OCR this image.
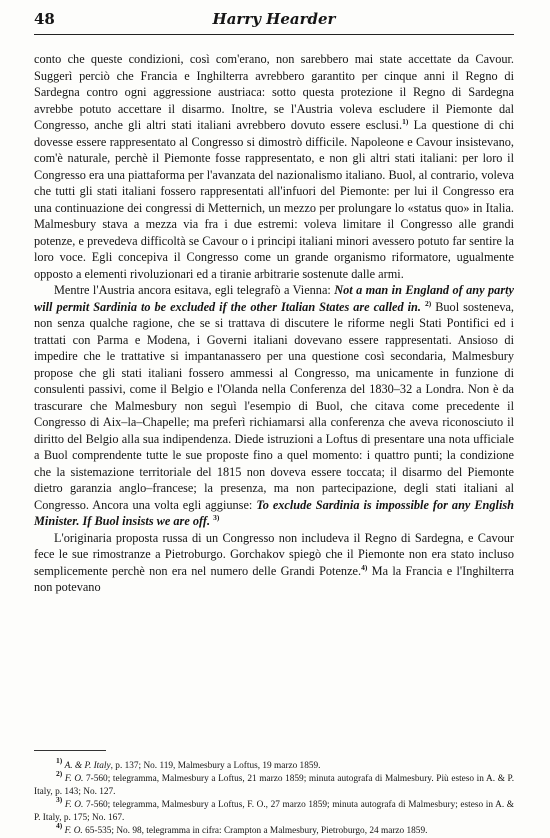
48	Harry Hearder

conto che queste condizioni, così com'erano, non sarebbero mai state accettate da Cavour. Suggerì perciò che Francia e Inghilterra avrebbero garantito per cinque anni il Regno di Sardegna contro ogni aggressione austriaca: sotto questa protezione il Regno di Sardegna avrebbe potuto accettare il disarmo. Inoltre, se l'Austria voleva escludere il Piemonte dal Congresso, anche gli altri stati italiani avrebbero dovuto essere esclusi.$^{1)}$ La questione di chi dovesse essere rappresentato al Congresso si dimostrò difficile. Napoleone e Cavour insistevano, com'è naturale, perchè il Piemonte fosse rappresentato, e non gli altri stati italiani: per loro il Congresso era una piattaforma per l'avanzata del nazionalismo italiano. Buol, al contrario, voleva che tutti gli stati italiani fossero rappresentati all'infuori del Piemonte: per lui il Congresso era una continuazione dei congressi di Metternich, un mezzo per prolungare lo «status quo» in Italia. Malmesbury stava a mezza via fra i due estremi: voleva limitare il Congresso alle grandi potenze, e prevedeva difficoltà se Cavour o i principi italiani minori avessero potuto far sentire la loro voce. Egli concepiva il Congresso come un grande organismo riformatore, ugualmente opposto a elementi rivoluzionari ed a tiranie arbitrarie sostenute dalle armi.

Mentre l'Austria ancora esitava, egli telegrafò a Vienna: Not a man in England of any party will permit Sardinia to be excluded if the other Italian States are called in. $^{2)}$ Buol sosteneva, non senza qualche ragione, che se si trattava di discutere le riforme negli Stati Pontifici ed i trattati con Parma e Modena, i Governi italiani dovevano essere rappresentati. Ansioso di impedire che le trattative si impantanassero per una questione così secondaria, Malmesbury propose che gli stati italiani fossero ammessi al Congresso, ma unicamente in funzione di consulenti passivi, come il Belgio e l'Olanda nella Conferenza del 1830–32 a Londra. Non è da trascurare che Malmesbury non seguì l'esempio di Buol, che citava come precedente il Congresso di Aix–la–Chapelle; ma preferì richiamarsi alla conferenza che aveva riconosciuto il diritto del Belgio alla sua indipendenza. Diede istruzioni a Loftus di presentare una nota ufficiale a Buol comprendente tutte le sue proposte fino a quel momento: i quattro punti; la condizione che la sistemazione territoriale del 1815 non doveva essere toccata; il disarmo del Piemonte dietro garanzia anglo–francese; la presenza, ma non partecipazione, degli stati italiani al Congresso. Ancora una volta egli aggiunse: To exclude Sardinia is impossible for any English Minister. If Buol insists we are off. $^{3)}$

L'originaria proposta russa di un Congresso non includeva il Regno di Sardegna, e Cavour fece le sue rimostranze a Pietroburgo. Gorchakov spiegò che il Piemonte non era stato incluso semplicemente perchè non era nel numero delle Grandi Potenze.$^{4)}$ Ma la Francia e l'Inghilterra non potevano

$^{1)}$ A. & P. Italy, p. 137; No. 119, Malmesbury a Loftus, 19 marzo 1859.

$^{2)}$ F. O. 7-560; telegramma, Malmesbury a Loftus, 21 marzo 1859; minuta autografa di Malmesbury. Più esteso in A. & P. Italy, p. 143; No. 127.

$^{3)}$ F. O. 7-560; telegramma, Malmesbury a Loftus, F. O., 27 marzo 1859; minuta autografa di Malmesbury; esteso in A. & P. Italy, p. 175; No. 167.

$^{4)}$ F. O. 65-535; No. 98, telegramma in cifra: Crampton a Malmesbury, Pietroburgo, 24 marzo 1859.
